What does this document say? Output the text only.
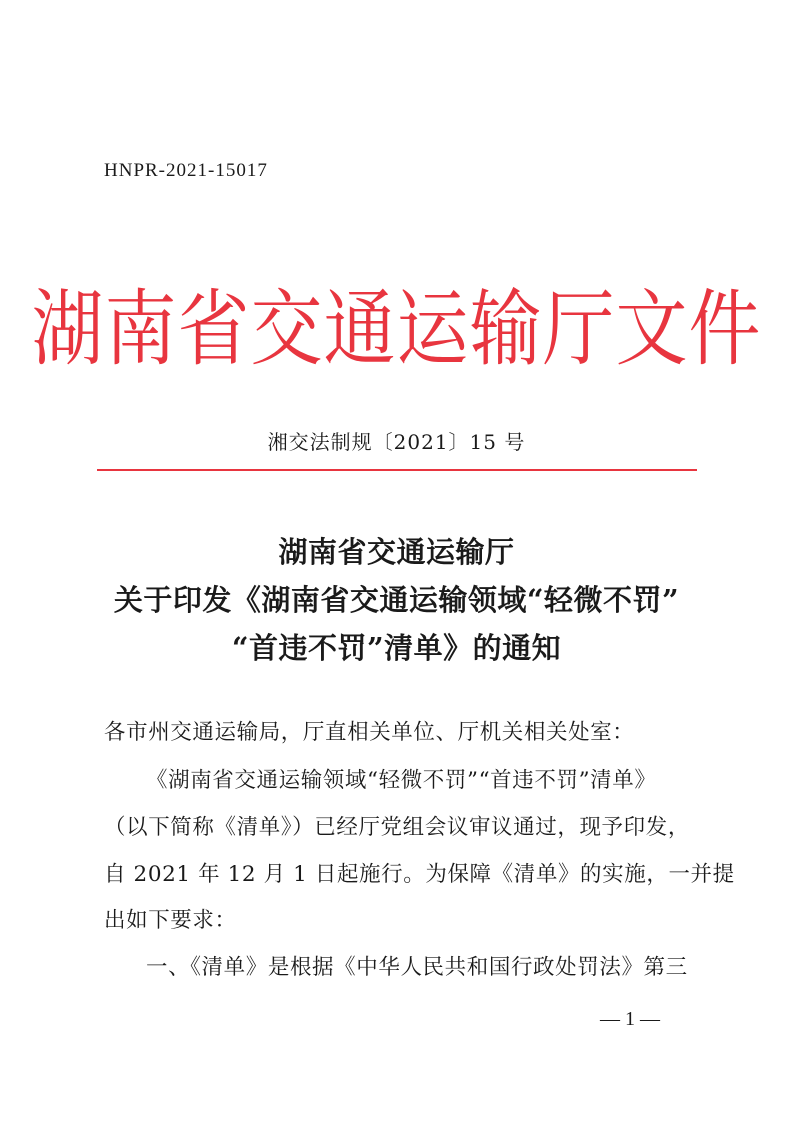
HNPR-2021-15017
湖南省交通运输厅文件
湘交法制规〔2021〕15 号
湖南省交通运输厅
关于印发《湖南省交通运输领域“轻微不罚”
“首违不罚”清单》的通知
各市州交通运输局，厅直相关单位、厅机关相关处室：
《湖南省交通运输领域“轻微不罚”“首违不罚”清单》
（以下简称《清单》）已经厅党组会议审议通过，现予印发，
自 2021 年 12 月 1 日起施行。为保障《清单》的实施，一并提
出如下要求：
一、《清单》是根据《中华人民共和国行政处罚法》第三
— 1 —
